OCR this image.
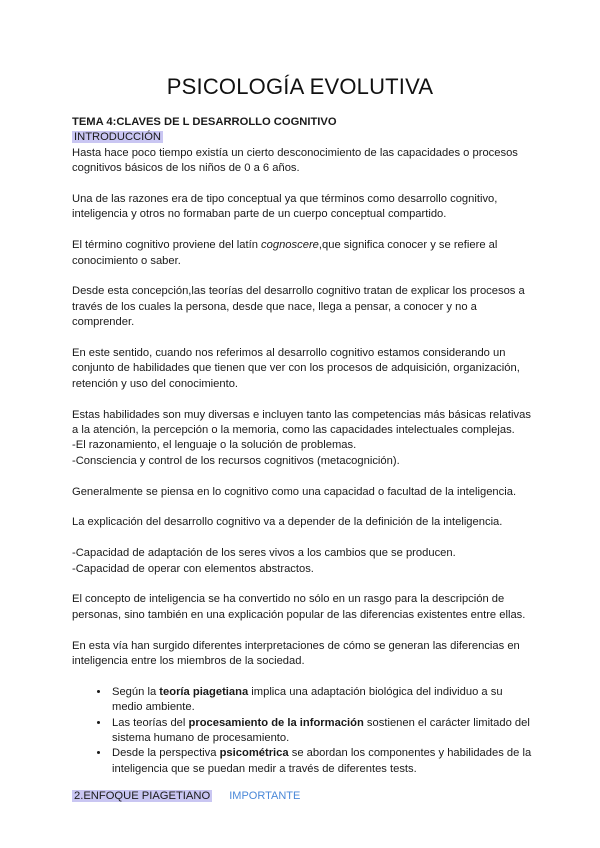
PSICOLOGÍA EVOLUTIVA
TEMA 4:CLAVES DE L DESARROLLO COGNITIVO
INTRODUCCIÓN

Hasta hace poco tiempo existía un cierto desconocimiento de las capacidades o procesos cognitivos básicos de los niños de 0 a 6 años.

Una de las razones era de tipo conceptual ya que términos como desarrollo cognitivo, inteligencia y otros no formaban parte de un cuerpo conceptual compartido.

El término cognitivo proviene del latín cognoscere,que significa conocer y se refiere al conocimiento o saber.

Desde esta concepción,las teorías del desarrollo cognitivo tratan de explicar los procesos a través de los cuales la persona, desde que nace, llega a pensar, a conocer y no a comprender.

En este sentido, cuando nos referimos al desarrollo cognitivo estamos considerando un conjunto de habilidades que tienen que ver con los procesos de adquisición, organización, retención y uso del conocimiento.

Estas habilidades son muy diversas e incluyen tanto las competencias más básicas relativas a la atención, la percepción o la memoria, como las capacidades intelectuales complejas.
-El razonamiento, el lenguaje o la solución de problemas.
-Consciencia y control de los recursos cognitivos (metacognición).

Generalmente se piensa en lo cognitivo como una capacidad o facultad de la inteligencia.

La explicación del desarrollo cognitivo va a depender de la definición de la inteligencia.

-Capacidad de adaptación de los seres vivos a los cambios que se producen.
-Capacidad de operar con elementos abstractos.

El concepto de inteligencia se ha convertido no sólo en un rasgo para la descripción de personas, sino también en una explicación popular de las diferencias existentes entre ellas.

En esta vía han surgido diferentes interpretaciones de cómo se generan las diferencias en inteligencia entre los miembros de la sociedad.

• Según la teoría piagetiana implica una adaptación biológica del individuo a su medio ambiente.
• Las teorías del procesamiento de la información sostienen el carácter limitado del sistema humano de procesamiento.
• Desde la perspectiva psicométrica se abordan los componentes y habilidades de la inteligencia que se puedan medir a través de diferentes tests.
2.ENFOQUE PIAGETIANO IMPORTANTE
